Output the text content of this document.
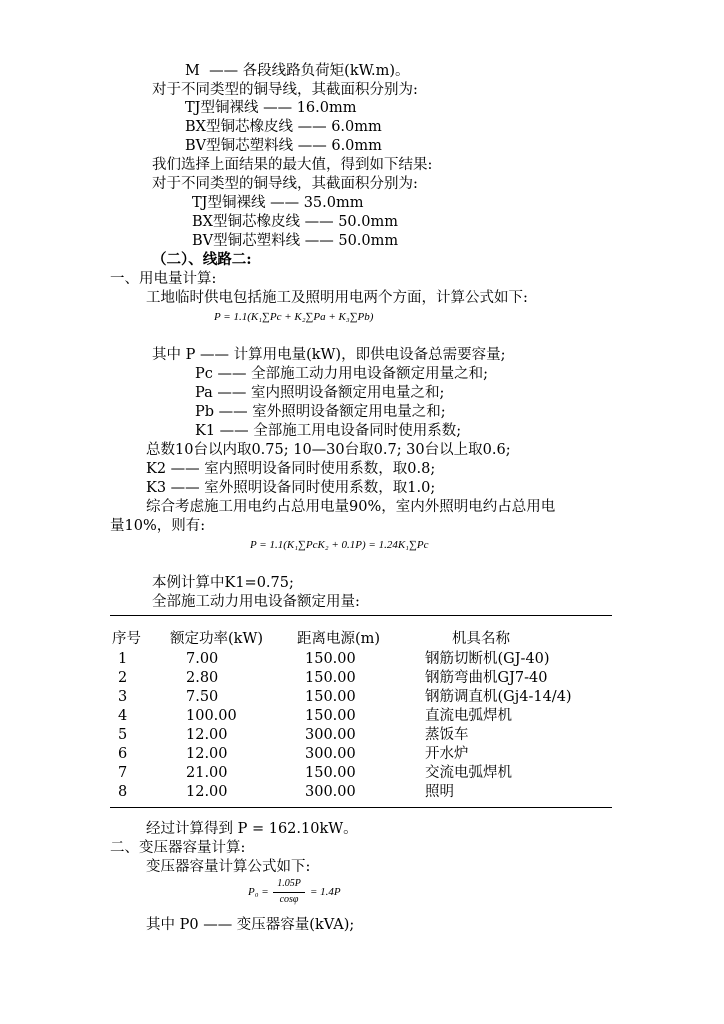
M  —— 各段线路负荷矩(kW.m)。
对于不同类型的铜导线，其截面积分别为:
TJ型铜裸线 —— 16.0mm
BX型铜芯橡皮线 —— 6.0mm
BV型铜芯塑料线 —— 6.0mm
我们选择上面结果的最大值，得到如下结果:
对于不同类型的铜导线，其截面积分别为:
TJ型铜裸线 —— 35.0mm
BX型铜芯橡皮线 —— 50.0mm
BV型铜芯塑料线 —— 50.0mm
（二）、线路二:
一、用电量计算:
工地临时供电包括施工及照明用电两个方面，计算公式如下:
P = 1.1(K₁∑Pc + K₂∑Pa + K₃∑Pb)
其中 P —— 计算用电量(kW)，即供电设备总需要容量;
Pc —— 全部施工动力用电设备额定用量之和;
Pa —— 室内照明设备额定用电量之和;
Pb —— 室外照明设备额定用电量之和;
K1 —— 全部施工用电设备同时使用系数;
总数10台以内取0.75; 10—30台取0.7; 30台以上取0.6;
K2 —— 室内照明设备同时使用系数，取0.8;
K3 —— 室外照明设备同时使用系数，取1.0;
综合考虑施工用电约占总用电量90%，室内外照明电约占总用电
量10%，则有:
P = 1.1(K₁∑PcK₂ + 0.1P) = 1.24K₁∑Pc
本例计算中K1=0.75;
全部施工动力用电设备额定用量:
序号 额定功率(kW) 距离电源(m)	机具名称
1	7.00	150.00	钢筋切断机(GJ-40)
2	2.80	150.00	钢筋弯曲机GJ7-40
3	7.50	150.00	钢筋调直机(Gj4-14/4)
4	100.00	150.00	直流电弧焊机
5	12.00	300.00	蒸饭车
6	12.00	300.00	开水炉
7	21.00	150.00	交流电弧焊机
8	12.00	300.00	照明
经过计算得到 P = 162.10kW。
二、变压器容量计算:
变压器容量计算公式如下:
P₀ =
1.05P
cosφ
= 1.4P
其中 P0 —— 变压器容量(kVA);
